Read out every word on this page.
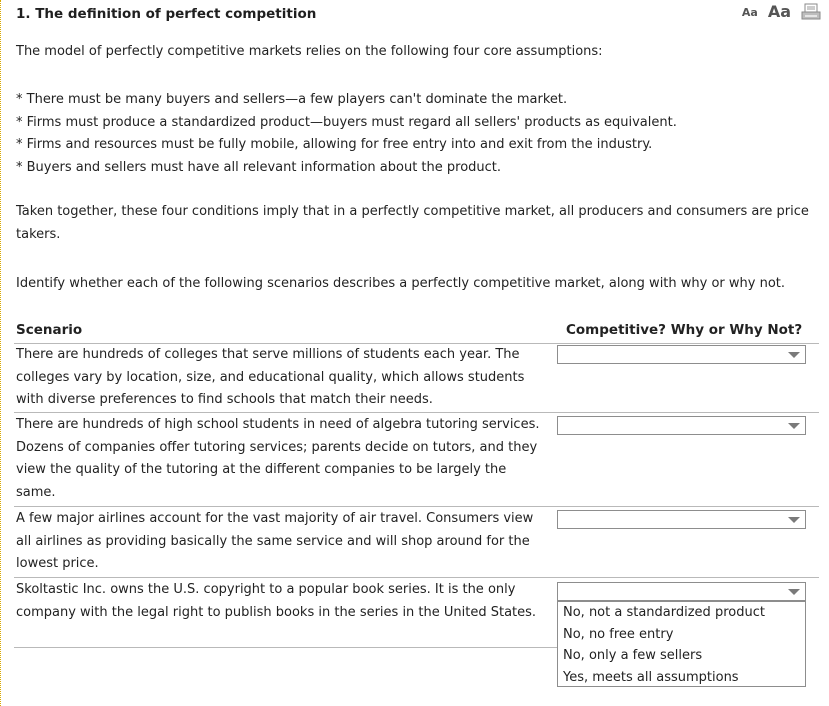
1. The definition of perfect competition	Aa Aa
The model of perfectly competitive markets relies on the following four core assumptions:
* There must be many buyers and sellers—a few players can't dominate the market.
* Firms must produce a standardized product—buyers must regard all sellers' products as equivalent.
* Firms and resources must be fully mobile, allowing for free entry into and exit from the industry.
* Buyers and sellers must have all relevant information about the product.
Taken together, these four conditions imply that in a perfectly competitive market, all producers and consumers are price takers.
Identify whether each of the following scenarios describes a perfectly competitive market, along with why or why not.
Scenario	Competitive? Why or Why Not?
There are hundreds of colleges that serve millions of students each year. The colleges vary by location, size, and educational quality, which allows students with diverse preferences to find schools that match their needs.
There are hundreds of high school students in need of algebra tutoring services. Dozens of companies offer tutoring services; parents decide on tutors, and they view the quality of the tutoring at the different companies to be largely the same.
A few major airlines account for the vast majority of air travel. Consumers view all airlines as providing basically the same service and will shop around for the lowest price.
Skoltastic Inc. owns the U.S. copyright to a popular book series. It is the only company with the legal right to publish books in the series in the United States.	No, not a standardized product
No, no free entry
No, only a few sellers
Yes, meets all assumptions
